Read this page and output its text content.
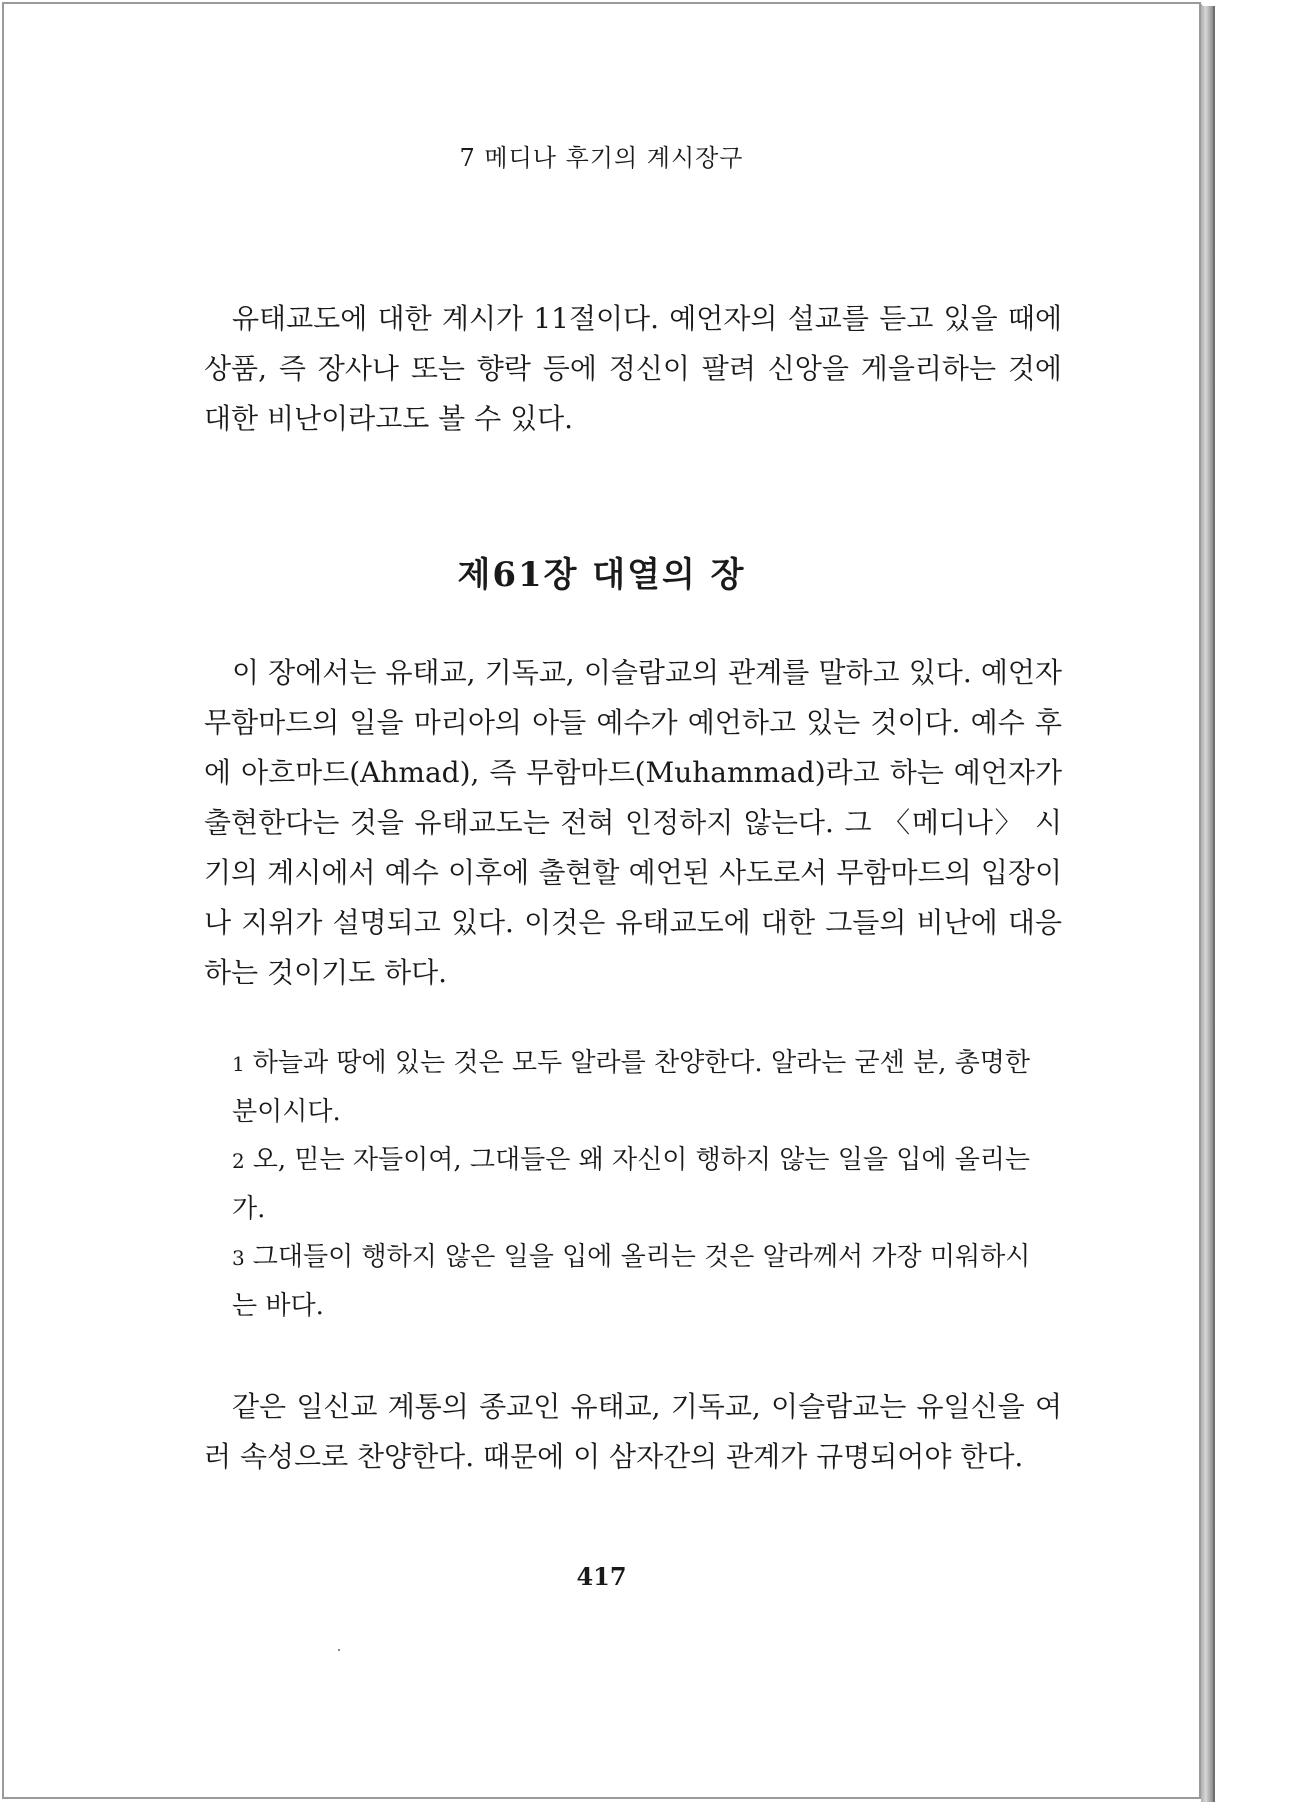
7 메디나 후기의 계시장구

유태교도에 대한 계시가 11절이다. 예언자의 설교를 듣고 있을 때에 상품, 즉 장사나 또는 향락 등에 정신이 팔려 신앙을 게을리하는 것에 대한 비난이라고도 볼 수 있다.

제61장 대열의 장

이 장에서는 유태교, 기독교, 이슬람교의 관계를 말하고 있다. 예언자 무함마드의 일을 마리아의 아들 예수가 예언하고 있는 것이다. 예수 후에 아흐마드(Ahmad), 즉 무함마드(Muhammad)라고 하는 예언자가 출현한다는 것을 유태교도는 전혀 인정하지 않는다. 그 〈메디나〉 시기의 계시에서 예수 이후에 출현할 예언된 사도로서 무함마드의 입장이나 지위가 설명되고 있다. 이것은 유태교도에 대한 그들의 비난에 대응하는 것이기도 하다.

1 하늘과 땅에 있는 것은 모두 알라를 찬양한다. 알라는 굳센 분, 총명한 분이시다.

2 오, 믿는 자들이여, 그대들은 왜 자신이 행하지 않는 일을 입에 올리는가.

3 그대들이 행하지 않은 일을 입에 올리는 것은 알라께서 가장 미워하시는 바다.

같은 일신교 계통의 종교인 유태교, 기독교, 이슬람교는 유일신을 여러 속성으로 찬양한다. 때문에 이 삼자간의 관계가 규명되어야 한다.

417
